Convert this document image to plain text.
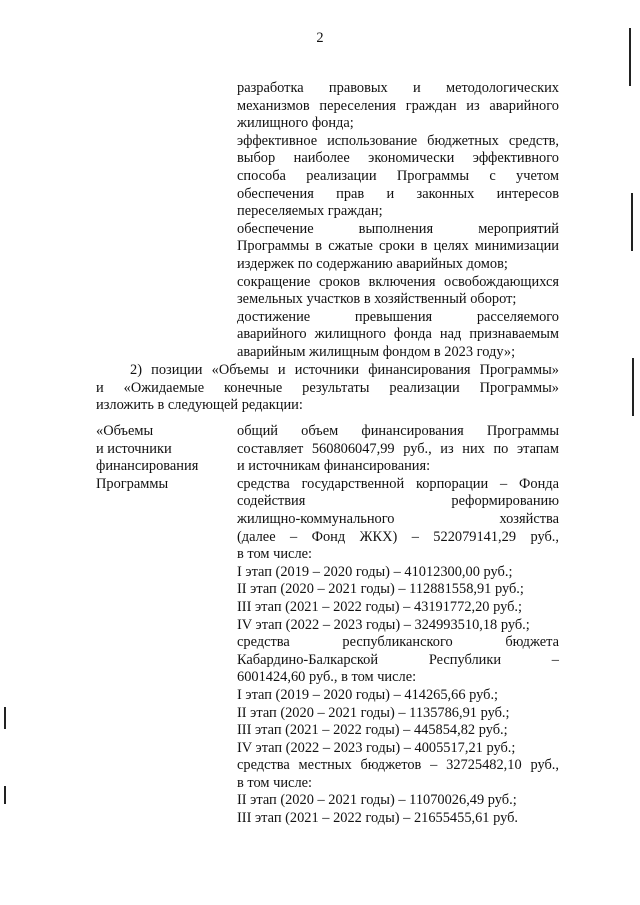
2
разработка правовых и методологических
механизмов переселения граждан из аварийного
жилищного фонда;
эффективное использование бюджетных средств,
выбор наиболее экономически эффективного
способа реализации Программы с учетом
обеспечения прав и законных интересов
переселяемых граждан;
обеспечение выполнения мероприятий
Программы в сжатые сроки в целях минимизации
издержек по содержанию аварийных домов;
сокращение сроков включения освобождающихся
земельных участков в хозяйственный оборот;
достижение превышения расселяемого
аварийного жилищного фонда над признаваемым
аварийным жилищным фондом в 2023 году»;
2) позиции «Объемы и источники финансирования Программы»
и «Ожидаемые конечные результаты реализации Программы»
изложить в следующей редакции:
«Объемы
и источники
финансирования
Программы
общий объем финансирования Программы
составляет 560806047,99 руб., из них по этапам
и источникам финансирования:
средства государственной корпорации – Фонда
содействия реформированию
жилищно-коммунального хозяйства
(далее – Фонд ЖКХ) – 522079141,29 руб.,
в том числе:
I этап (2019 – 2020 годы) – 41012300,00 руб.;
II этап (2020 – 2021 годы) – 112881558,91 руб.;
III этап (2021 – 2022 годы) – 43191772,20 руб.;
IV этап (2022 – 2023 годы) – 324993510,18 руб.;
средства республиканского бюджета
Кабардино-Балкарской Республики –
6001424,60 руб., в том числе:
I этап (2019 – 2020 годы) – 414265,66 руб.;
II этап (2020 – 2021 годы) – 1135786,91 руб.;
III этап (2021 – 2022 годы) – 445854,82 руб.;
IV этап (2022 – 2023 годы) – 4005517,21 руб.;
средства местных бюджетов – 32725482,10 руб.,
в том числе:
II этап (2020 – 2021 годы) – 11070026,49 руб.;
III этап (2021 – 2022 годы) – 21655455,61 руб.
